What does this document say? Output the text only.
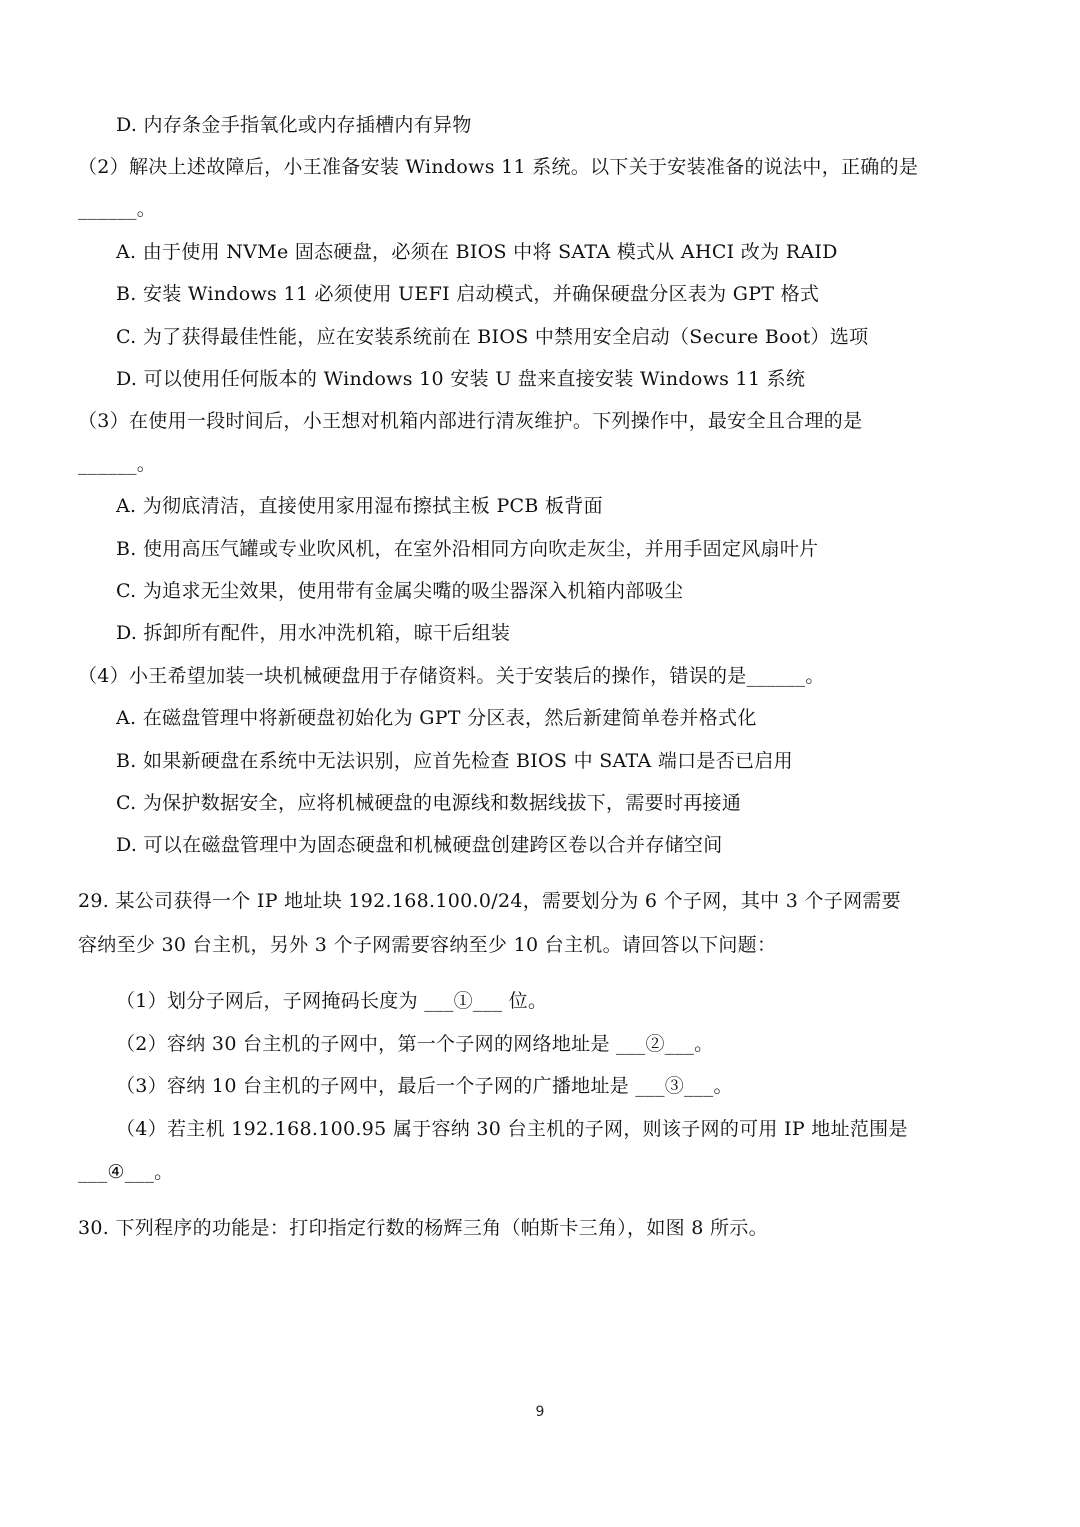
D. 内存条金手指氧化或内存插槽内有异物
（2）解决上述故障后，小王准备安装 Windows 11 系统。以下关于安装准备的说法中，正确的是
______。
A. 由于使用 NVMe 固态硬盘，必须在 BIOS 中将 SATA 模式从 AHCI 改为 RAID
B. 安装 Windows 11 必须使用 UEFI 启动模式，并确保硬盘分区表为 GPT 格式
C. 为了获得最佳性能，应在安装系统前在 BIOS 中禁用安全启动（Secure Boot）选项
D. 可以使用任何版本的 Windows 10 安装 U 盘来直接安装 Windows 11 系统
（3）在使用一段时间后，小王想对机箱内部进行清灰维护。下列操作中，最安全且合理的是
______。
A. 为彻底清洁，直接使用家用湿布擦拭主板 PCB 板背面
B. 使用高压气罐或专业吹风机，在室外沿相同方向吹走灰尘，并用手固定风扇叶片
C. 为追求无尘效果，使用带有金属尖嘴的吸尘器深入机箱内部吸尘
D. 拆卸所有配件，用水冲洗机箱，晾干后组装
（4）小王希望加装一块机械硬盘用于存储资料。关于安装后的操作，错误的是______。
A. 在磁盘管理中将新硬盘初始化为 GPT 分区表，然后新建简单卷并格式化
B. 如果新硬盘在系统中无法识别，应首先检查 BIOS 中 SATA 端口是否已启用
C. 为保护数据安全，应将机械硬盘的电源线和数据线拔下，需要时再接通
D. 可以在磁盘管理中为固态硬盘和机械硬盘创建跨区卷以合并存储空间
29. 某公司获得一个 IP 地址块 192.168.100.0/24，需要划分为 6 个子网，其中 3 个子网需要
容纳至少 30 台主机，另外 3 个子网需要容纳至少 10 台主机。请回答以下问题：
（1）划分子网后，子网掩码长度为 ___①___ 位。
（2）容纳 30 台主机的子网中，第一个子网的网络地址是 ___②___。
（3）容纳 10 台主机的子网中，最后一个子网的广播地址是 ___③___。
（4）若主机 192.168.100.95 属于容纳 30 台主机的子网，则该子网的可用 IP 地址范围是
___④___。
30. 下列程序的功能是：打印指定行数的杨辉三角（帕斯卡三角），如图 8 所示。
9
